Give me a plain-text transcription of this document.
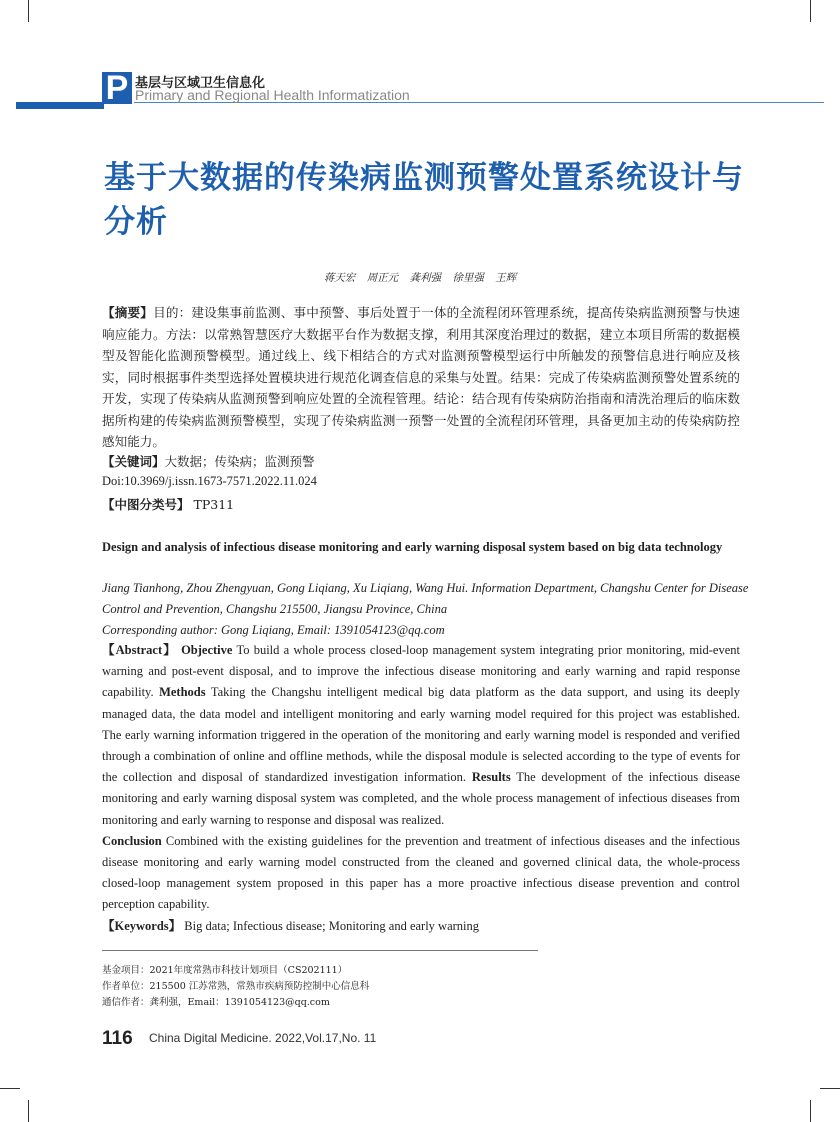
P 基层与区域卫生信息化
Primary and Regional Health Informatization
基于大数据的传染病监测预警处置系统设计与分析
蒋天宏 周正元 龚利强 徐里强 王辉
【摘要】目的：建设集事前监测、事中预警、事后处置于一体的全流程闭环管理系统，提高传染病监测预警与快速响应能力。方法：以常熟智慧医疗大数据平台作为数据支撑，利用其深度治理过的数据，建立本项目所需的数据模型及智能化监测预警模型。通过线上、线下相结合的方式对监测预警模型运行中所触发的预警信息进行响应及核实，同时根据事件类型选择处置模块进行规范化调查信息的采集与处置。结果：完成了传染病监测预警处置系统的开发，实现了传染病从监测预警到响应处置的全流程管理。结论：结合现有传染病防治指南和清洗治理后的临床数据所构建的传染病监测预警模型，实现了传染病监测一预警一处置的全流程闭环管理，具备更加主动的传染病防控感知能力。
【关键词】大数据；传染病；监测预警
Doi:10.3969/j.issn.1673-7571.2022.11.024
【中图分类号】 TP311
Design and analysis of infectious disease monitoring and early warning disposal system based on big data technology
Jiang Tianhong, Zhou Zhengyuan, Gong Liqiang, Xu Liqiang, Wang Hui. Information Department, Changshu Center for Disease Control and Prevention, Changshu 215500, Jiangsu Province, China
Corresponding author: Gong Liqiang, Email: 1391054123@qq.com
【Abstract】 Objective To build a whole process closed-loop management system integrating prior monitoring, mid-event warning and post-event disposal, and to improve the infectious disease monitoring and early warning and rapid response capability. Methods Taking the Changshu intelligent medical big data platform as the data support, and using its deeply managed data, the data model and intelligent monitoring and early warning model required for this project was established. The early warning information triggered in the operation of the monitoring and early warning model is responded and verified through a combination of online and offline methods, while the disposal module is selected according to the type of events for the collection and disposal of standardized investigation information. Results The development of the infectious disease monitoring and early warning disposal system was completed, and the whole process management of infectious diseases from monitoring and early warning to response and disposal was realized.
Conclusion Combined with the existing guidelines for the prevention and treatment of infectious diseases and the infectious disease monitoring and early warning model constructed from the cleaned and governed clinical data, the whole-process closed-loop management system proposed in this paper has a more proactive infectious disease prevention and control perception capability.
【Keywords】 Big data; Infectious disease; Monitoring and early warning
基金项目：2021年度常熟市科技计划项目（CS202111）
作者单位：215500 江苏常熟，常熟市疾病预防控制中心信息科
通信作者：龚利强，Email：1391054123@qq.com
116 China Digital Medicine. 2022,Vol.17,No. 11
